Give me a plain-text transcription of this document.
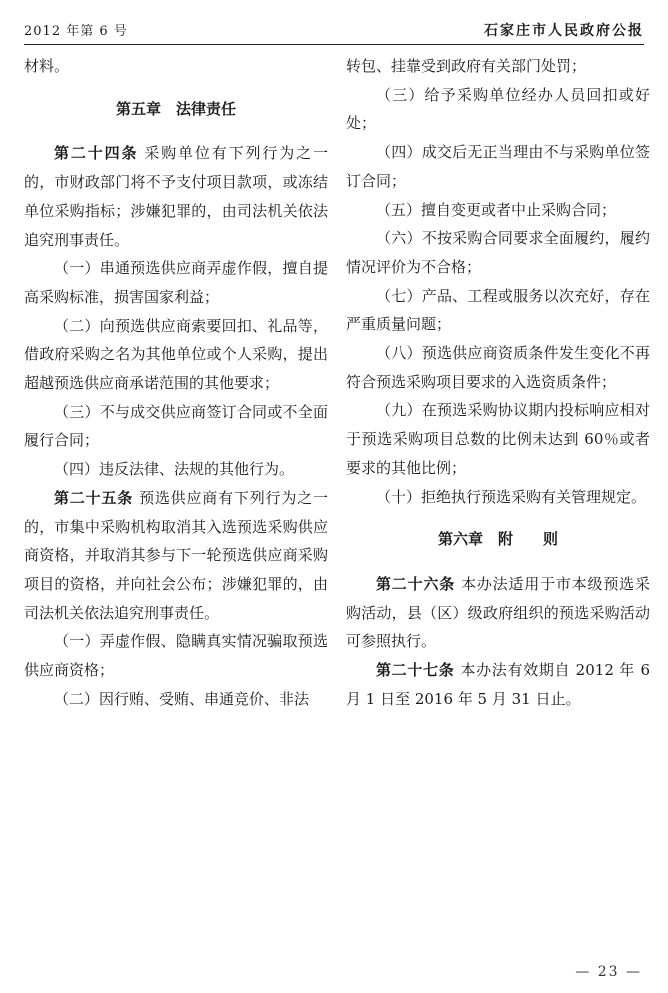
2012 年第 6 号	石家庄市人民政府公报

材料。

第五章　法律责任

第二十四条 采购单位有下列行为之一的，市财政部门将不予支付项目款项，或冻结单位采购指标；涉嫌犯罪的，由司法机关依法追究刑事责任。

（一）串通预选供应商弄虚作假，擅自提高采购标准，损害国家利益；

（二）向预选供应商索要回扣、礼品等，借政府采购之名为其他单位或个人采购，提出超越预选供应商承诺范围的其他要求；

（三）不与成交供应商签订合同或不全面履行合同；

（四）违反法律、法规的其他行为。

第二十五条 预选供应商有下列行为之一的，市集中采购机构取消其入选预选采购供应商资格，并取消其参与下一轮预选供应商采购项目的资格，并向社会公布；涉嫌犯罪的，由司法机关依法追究刑事责任。

（一）弄虚作假、隐瞒真实情况骗取预选供应商资格；

（二）因行贿、受贿、串通竞价、非法

转包、挂靠受到政府有关部门处罚；

（三）给予采购单位经办人员回扣或好处；

（四）成交后无正当理由不与采购单位签订合同；

（五）擅自变更或者中止采购合同；

（六）不按采购合同要求全面履约，履约情况评价为不合格；

（七）产品、工程或服务以次充好，存在严重质量问题；

（八）预选供应商资质条件发生变化不再符合预选采购项目要求的入选资质条件；

（九）在预选采购协议期内投标响应相对于预选采购项目总数的比例未达到 60％或者要求的其他比例；

（十）拒绝执行预选采购有关管理规定。

第六章　附　　则

第二十六条 本办法适用于市本级预选采购活动，县（区）级政府组织的预选采购活动可参照执行。

第二十七条 本办法有效期自 2012 年 6 月 1 日至 2016 年 5 月 31 日止。

— 23 —
